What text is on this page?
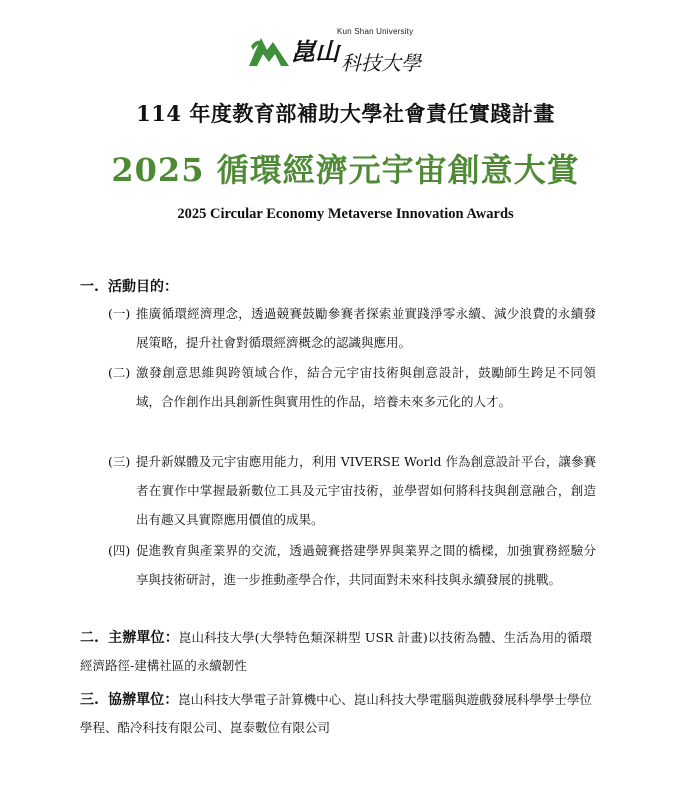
Kun Shan University
崑山 科技大學
114 年度教育部補助大學社會責任實踐計畫
2025 循環經濟元宇宙創意大賞
2025 Circular Economy Metaverse Innovation Awards
一. 活動目的：
(一) 推廣循環經濟理念，透過競賽鼓勵參賽者探索並實踐淨零永續、減少浪費的永續發展策略，提升社會對循環經濟概念的認識與應用。
(二) 激發創意思維與跨領域合作，結合元宇宙技術與創意設計，鼓勵師生跨足不同領域，合作創作出具創新性與實用性的作品，培養未來多元化的人才。
(三) 提升新媒體及元宇宙應用能力，利用 VIVERSE World 作為創意設計平台，讓參賽者在實作中掌握最新數位工具及元宇宙技術，並學習如何將科技與創意融合，創造出有趣又具實際應用價值的成果。
(四) 促進教育與產業界的交流，透過競賽搭建學界與業界之間的橋樑，加強實務經驗分享與技術研討，進一步推動產學合作，共同面對未來科技與永續發展的挑戰。
二. 主辦單位：崑山科技大學(大學特色類深耕型 USR 計畫)以技術為體、生活為用的循環經濟路徑-建構社區的永續韌性
三. 協辦單位：崑山科技大學電子計算機中心、崑山科技大學電腦與遊戲發展科學學士學位學程、酷冷科技有限公司、崑泰數位有限公司
